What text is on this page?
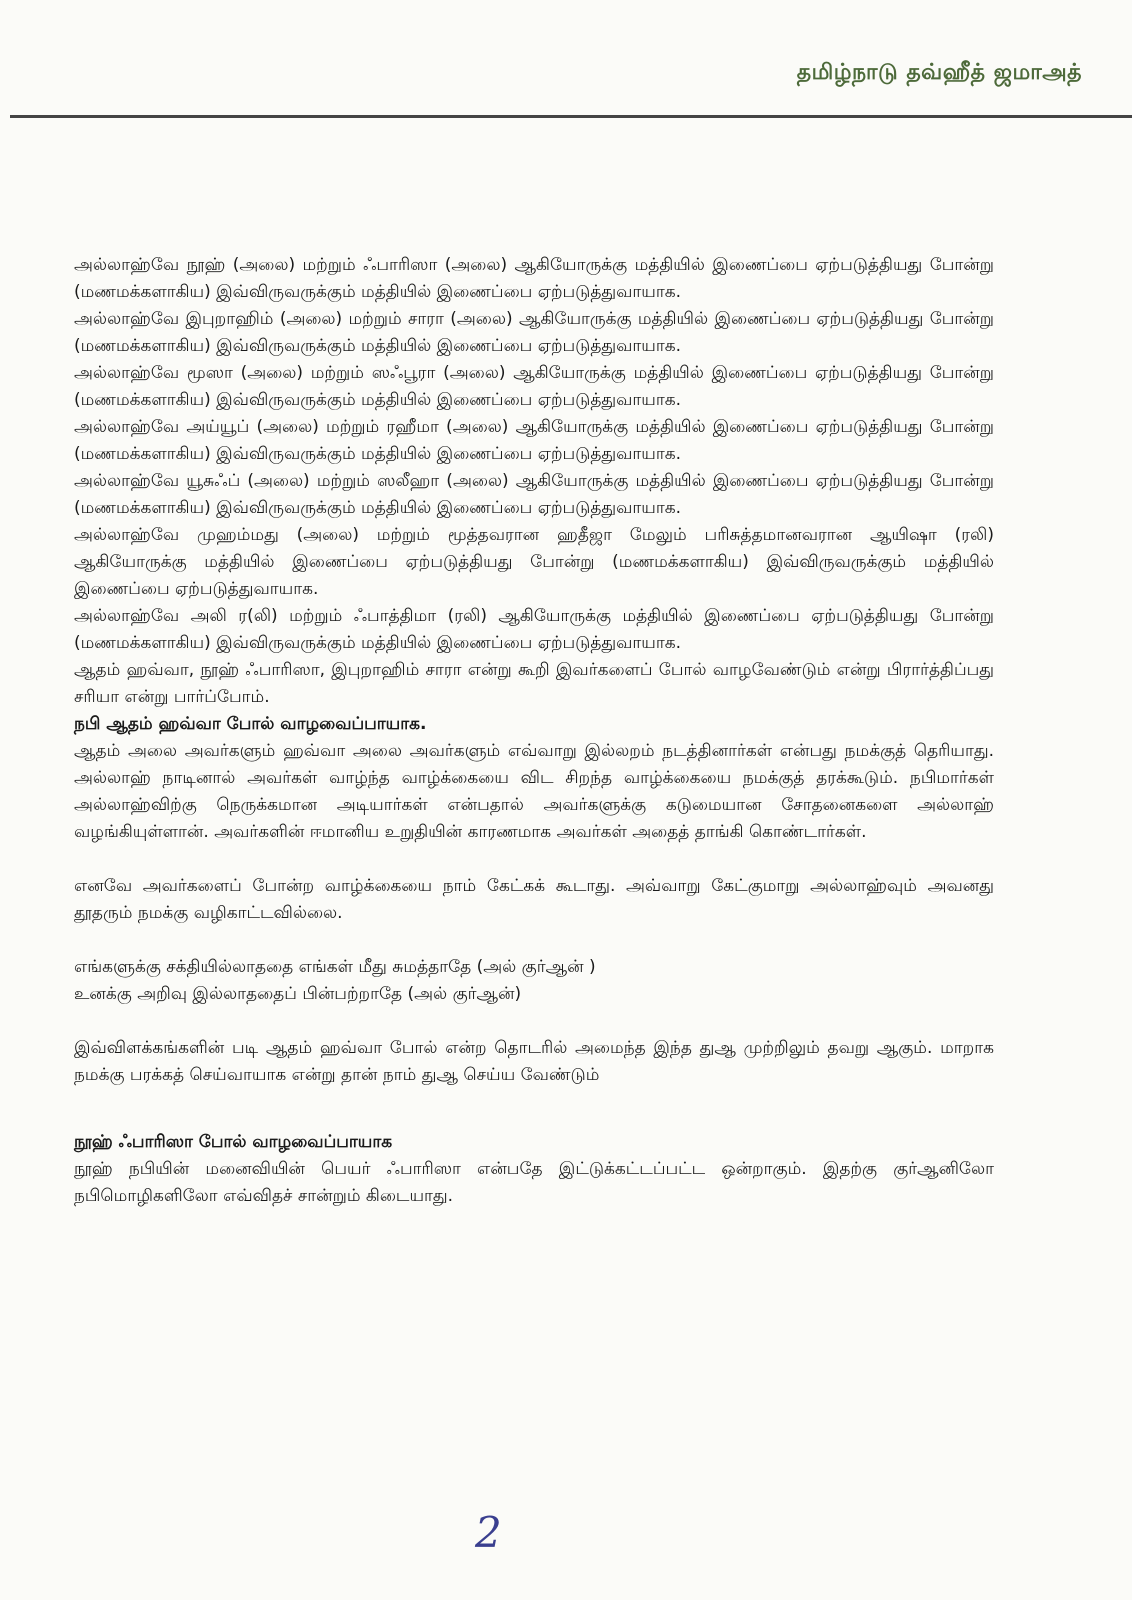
தமிழ்நாடு தவ்ஹீத் ஜமாஅத்

அல்லாஹ்வே நூஹ் (அலை) மற்றும் ஃபாரிஸா (அலை) ஆகியோருக்கு மத்தியில் இணைப்பை ஏற்படுத்தியது போன்று (மணமக்களாகிய) இவ்விருவருக்கும் மத்தியில் இணைப்பை ஏற்படுத்துவாயாக.

அல்லாஹ்வே இபுறாஹிம் (அலை) மற்றும் சாரா (அலை) ஆகியோருக்கு மத்தியில் இணைப்பை ஏற்படுத்தியது போன்று (மணமக்களாகிய) இவ்விருவருக்கும் மத்தியில் இணைப்பை ஏற்படுத்துவாயாக.

அல்லாஹ்வே மூஸா (அலை) மற்றும் ஸஃபூரா (அலை) ஆகியோருக்கு மத்தியில் இணைப்பை ஏற்படுத்தியது போன்று (மணமக்களாகிய) இவ்விருவருக்கும் மத்தியில் இணைப்பை ஏற்படுத்துவாயாக.

அல்லாஹ்வே அய்யூப் (அலை) மற்றும் ரஹீமா (அலை) ஆகியோருக்கு மத்தியில் இணைப்பை ஏற்படுத்தியது போன்று (மணமக்களாகிய) இவ்விருவருக்கும் மத்தியில் இணைப்பை ஏற்படுத்துவாயாக.

அல்லாஹ்வே யூசுஃப் (அலை) மற்றும் ஸலீஹா (அலை) ஆகியோருக்கு மத்தியில் இணைப்பை ஏற்படுத்தியது போன்று (மணமக்களாகிய) இவ்விருவருக்கும் மத்தியில் இணைப்பை ஏற்படுத்துவாயாக.

அல்லாஹ்வே முஹம்மது (அலை) மற்றும் மூத்தவரான ஹதீஜா மேலும் பரிசுத்தமானவரான ஆயிஷா (ரலி) ஆகியோருக்கு மத்தியில் இணைப்பை ஏற்படுத்தியது போன்று (மணமக்களாகிய) இவ்விருவருக்கும் மத்தியில் இணைப்பை ஏற்படுத்துவாயாக.

அல்லாஹ்வே அலி ர(லி) மற்றும் ஃபாத்திமா (ரலி) ஆகியோருக்கு மத்தியில் இணைப்பை ஏற்படுத்தியது போன்று (மணமக்களாகிய) இவ்விருவருக்கும் மத்தியில் இணைப்பை ஏற்படுத்துவாயாக.

ஆதம் ஹவ்வா, நூஹ் ஃபாரிஸா, இபுறாஹிம் சாரா என்று கூறி இவர்களைப் போல் வாழவேண்டும் என்று பிரார்த்திப்பது சரியா என்று பார்ப்போம்.

நபி ஆதம் ஹவ்வா போல் வாழவைப்பாயாக.

ஆதம் அலை அவர்களும் ஹவ்வா அலை அவர்களும் எவ்வாறு இல்லறம் நடத்தினார்கள் என்பது நமக்குத் தெரியாது. அல்லாஹ் நாடினால் அவர்கள் வாழ்ந்த வாழ்க்கையை விட சிறந்த வாழ்க்கையை நமக்குத் தரக்கூடும். நபிமார்கள் அல்லாஹ்விற்கு நெருக்கமான அடியார்கள் என்பதால் அவர்களுக்கு கடுமையான சோதனைகளை அல்லாஹ் வழங்கியுள்ளான். அவர்களின் ஈமானிய உறுதியின் காரணமாக அவர்கள் அதைத் தாங்கி கொண்டார்கள்.

எனவே அவர்களைப் போன்ற வாழ்க்கையை நாம் கேட்கக் கூடாது. அவ்வாறு கேட்குமாறு அல்லாஹ்வும் அவனது தூதரும் நமக்கு வழிகாட்டவில்லை.

எங்களுக்கு சக்தியில்லாததை எங்கள் மீது சுமத்தாதே (அல் குர்ஆன் )

உனக்கு அறிவு இல்லாததைப் பின்பற்றாதே (அல் குர்ஆன்)

இவ்விளக்கங்களின் படி ஆதம் ஹவ்வா போல் என்ற தொடரில் அமைந்த இந்த துஆ முற்றிலும் தவறு ஆகும். மாறாக நமக்கு பரக்கத் செய்வாயாக என்று தான் நாம் துஆ செய்ய வேண்டும்

நூஹ் ஃபாரிஸா போல் வாழவைப்பாயாக

நூஹ் நபியின் மனைவியின் பெயர் ஃபாரிஸா என்பதே இட்டுக்கட்டப்பட்ட ஒன்றாகும். இதற்கு குர்ஆனிலோ நபிமொழிகளிலோ எவ்விதச் சான்றும் கிடையாது.

2
